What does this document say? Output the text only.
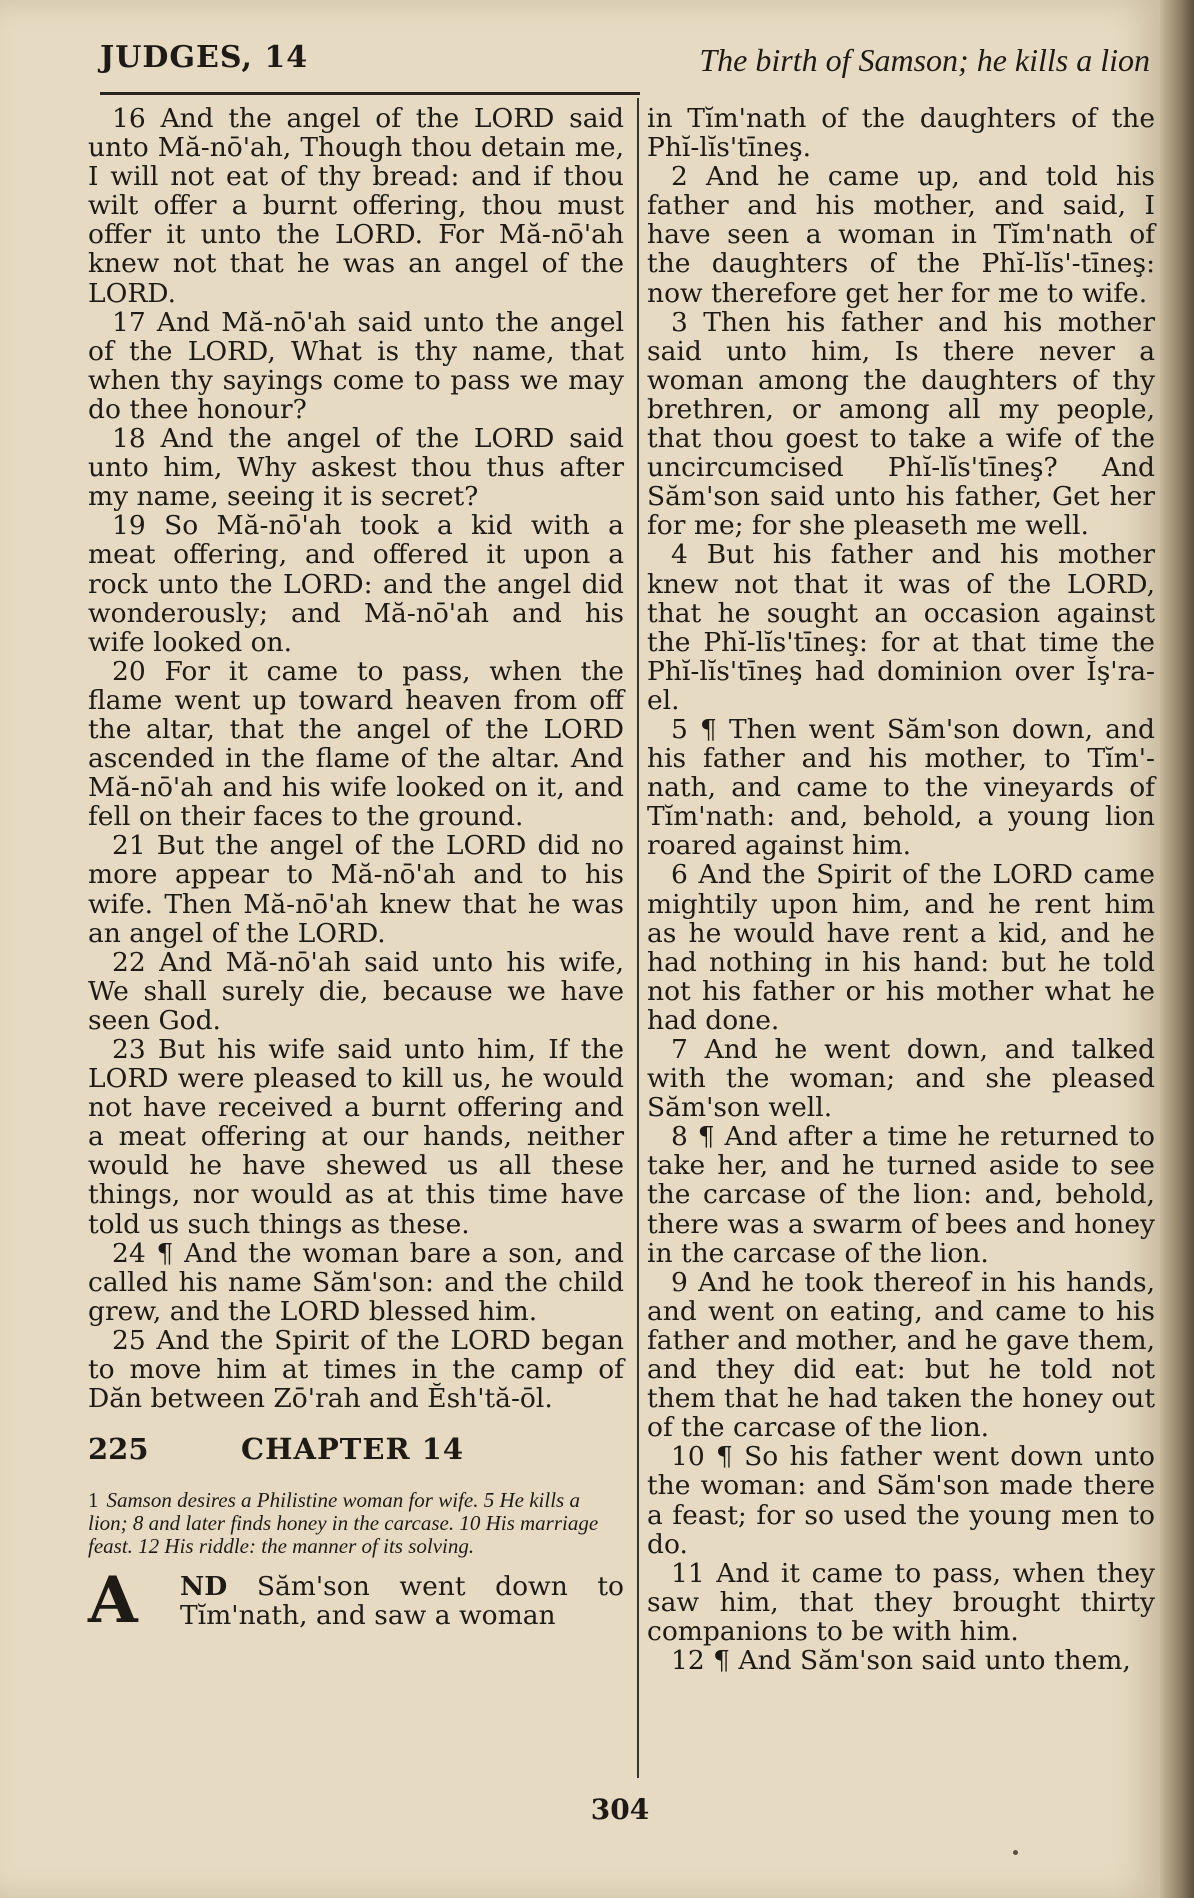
JUDGES, 14	The birth of Samson; he kills a lion

16 And the angel of the LORD said unto Mă-nō'ah, Though thou detain me, I will not eat of thy bread: and if thou wilt offer a burnt offering, thou must offer it unto the LORD. For Mă-nō'ah knew not that he was an angel of the LORD.

17 And Mă-nō'ah said unto the angel of the LORD, What is thy name, that when thy sayings come to pass we may do thee honour?

18 And the angel of the LORD said unto him, Why askest thou thus after my name, seeing it is secret?

19 So Mă-nō'ah took a kid with a meat offering, and offered it upon a rock unto the LORD: and the angel did wonderously; and Mă-nō'ah and his wife looked on.

20 For it came to pass, when the flame went up toward heaven from off the altar, that the angel of the LORD ascended in the flame of the altar. And Mă-nō'ah and his wife looked on it, and fell on their faces to the ground.

21 But the angel of the LORD did no more appear to Mă-nō'ah and to his wife. Then Mă-nō'ah knew that he was an angel of the LORD.

22 And Mă-nō'ah said unto his wife, We shall surely die, because we have seen God.

23 But his wife said unto him, If the LORD were pleased to kill us, he would not have received a burnt offering and a meat offering at our hands, neither would he have shewed us all these things, nor would as at this time have told us such things as these.

24 ¶ And the woman bare a son, and called his name Săm'son: and the child grew, and the LORD blessed him.

25 And the Spirit of the LORD began to move him at times in the camp of Dăn between Zō'rah and Ĕsh'tă-ōl.

225	CHAPTER 14
1 Samson desires a Philistine woman for wife. 5 He kills a lion; 8 and later finds honey in the carcase. 10 His marriage feast. 12 His riddle: the manner of its solving.
A ND Săm'son went down to Tĭm'nath, and saw a woman

in Tĭm'nath of the daughters of the Phĭ-lĭs'tīneş.

2 And he came up, and told his father and his mother, and said, I have seen a woman in Tĭm'nath of the daughters of the Phĭ-lĭs'-tīneş: now therefore get her for me to wife.

3 Then his father and his mother said unto him, Is there never a woman among the daughters of thy brethren, or among all my people, that thou goest to take a wife of the uncircumcised Phĭ-lĭs'tīneş? And Săm'son said unto his father, Get her for me; for she pleaseth me well.

4 But his father and his mother knew not that it was of the LORD, that he sought an occasion against the Phĭ-lĭs'tīneş: for at that time the Phĭ-lĭs'tīneş had dominion over Ĭş'ra-el.

5 ¶ Then went Săm'son down, and his father and his mother, to Tĭm'-nath, and came to the vineyards of Tĭm'nath: and, behold, a young lion roared against him.

6 And the Spirit of the LORD came mightily upon him, and he rent him as he would have rent a kid, and he had nothing in his hand: but he told not his father or his mother what he had done.

7 And he went down, and talked with the woman; and she pleased Săm'son well.

8 ¶ And after a time he returned to take her, and he turned aside to see the carcase of the lion: and, behold, there was a swarm of bees and honey in the carcase of the lion.

9 And he took thereof in his hands, and went on eating, and came to his father and mother, and he gave them, and they did eat: but he told not them that he had taken the honey out of the carcase of the lion.

10 ¶ So his father went down unto the woman: and Săm'son made there a feast; for so used the young men to do.

11 And it came to pass, when they saw him, that they brought thirty companions to be with him.

12 ¶ And Săm'son said unto them,

304
